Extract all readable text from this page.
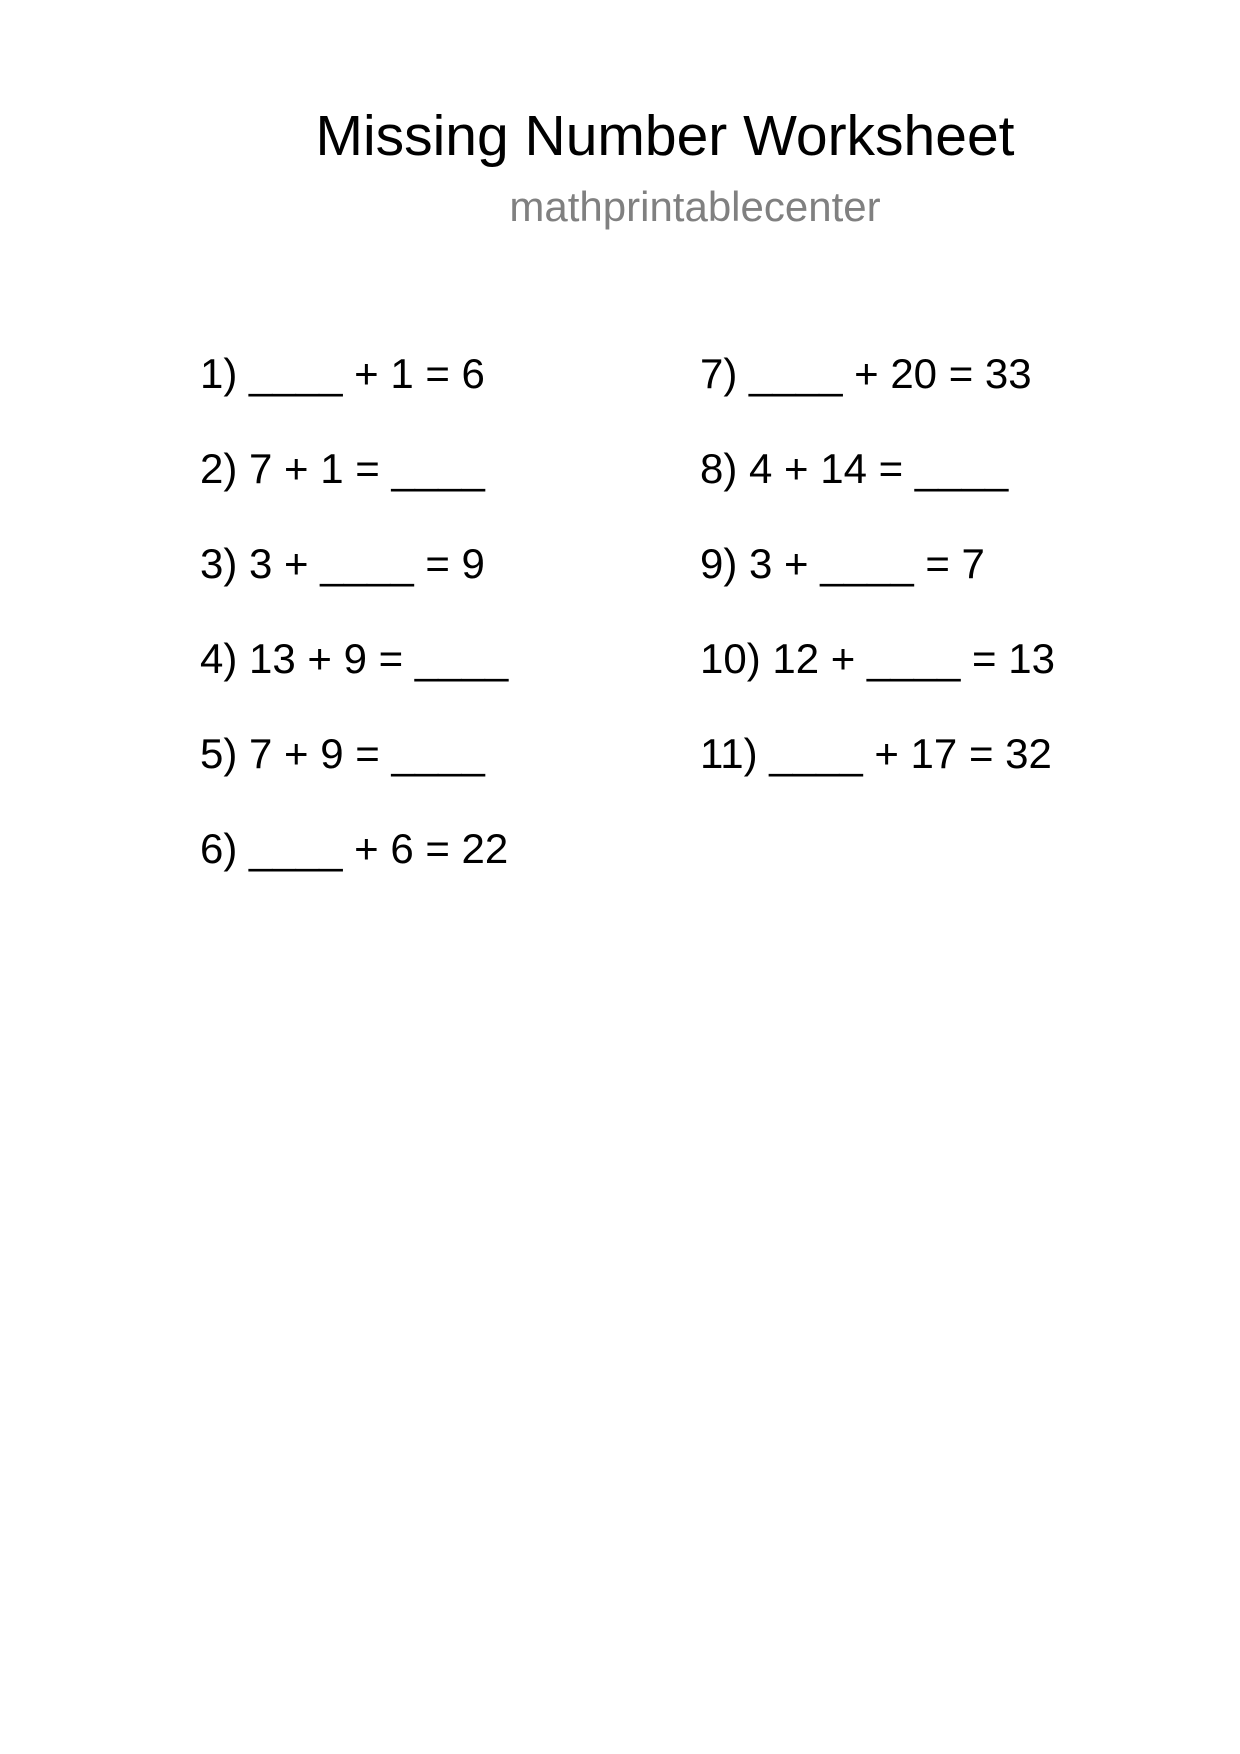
Missing Number Worksheet
mathprintablecenter
1) ____ + 1 = 6
2) 7 + 1 = ____
3) 3 + ____ = 9
4) 13 + 9 = ____
5) 7 + 9 = ____
6) ____ + 6 = 22
7) ____ + 20 = 33
8) 4 + 14 = ____
9) 3 + ____ = 7
10) 12 + ____ = 13
11) ____ + 17 = 32
